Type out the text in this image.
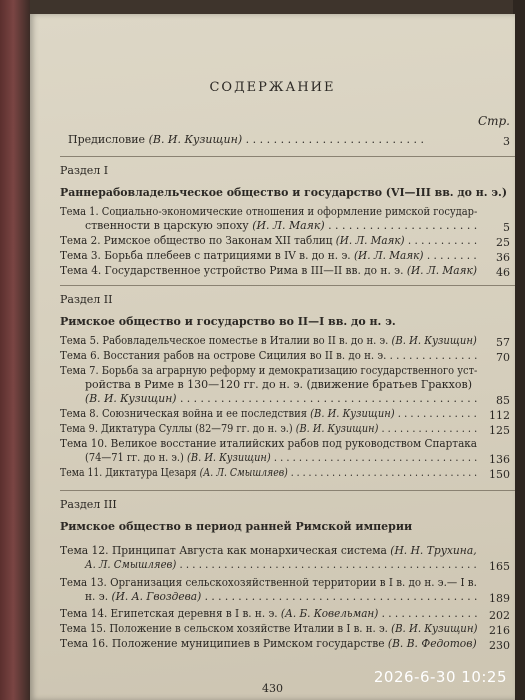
СОДЕРЖАНИЕ
Стр.
Предисловие (В. И. Кузищин) . . . . . . . . . . . . . . . . . . . . . . . . . .	3
Раздел I
Раннерабовладельческое общество и государство (VI—III вв. до н. э.)
Тема 1. Социально-экономические отношения и оформление римской государ-
ственности в царскую эпоху (И. Л. Маяк) . . . . . . . . . . . . . . . . . . . . . .	5
Тема 2. Римское общество по Законам XII таблиц (И. Л. Маяк) . . . . . . . . . . .	25
Тема 3. Борьба плебеев с патрициями в IV в. до н. э. (И. Л. Маяк) . . . . . . . .	36
Тема 4. Государственное устройство Рима в III—II вв. до н. э. (И. Л. Маяк)	46
Раздел II
Римское общество и государство во II—I вв. до н. э.
Тема 5. Рабовладельческое поместье в Италии во II в. до н. э. (В. И. Кузищин)	57
Тема 6. Восстания рабов на острове Сицилия во II в. до н. э. . . . . . . . . . . . . . .	70
Тема 7. Борьба за аграрную реформу и демократизацию государственного уст-
ройства в Риме в 130—120 гг. до н. э. (движение братьев Гракхов)
(В. И. Кузищин) . . . . . . . . . . . . . . . . . . . . . . . . . . . . . . . . . . . . . . . . . . . .	85
Тема 8. Союзническая война и ее последствия (В. И. Кузищин) . . . . . . . . . . . . .	112
Тема 9. Диктатура Суллы (82—79 гг. до н. э.) (В. И. Кузищин) . . . . . . . . . . . . . . . .	125
Тема 10. Великое восстание италийских рабов под руководством Спартака
(74—71 гг. до н. э.) (В. И. Кузищин) . . . . . . . . . . . . . . . . . . . . . . . . . . . . . . . . .	136
Тема 11. Диктатура Цезаря (А. Л. Смышляев) . . . . . . . . . . . . . . . . . . . . . . . . . . . . . . . .	150
Раздел III
Римское общество в период ранней Римской империи
Тема 12. Принципат Августа как монархическая система (Н. Н. Трухина,
А. Л. Смышляев) . . . . . . . . . . . . . . . . . . . . . . . . . . . . . . . . . . . . . . . . . . . . . . .	165
Тема 13. Организация сельскохозяйственной территории в I в. до н. э.— I в.
н. э. (И. А. Гвоздева) . . . . . . . . . . . . . . . . . . . . . . . . . . . . . . . . . . . . . . . . .	189
Тема 14. Египетская деревня в I в. н. э. (А. Б. Ковельман) . . . . . . . . . . . . . . .	202
Тема 15. Положение в сельском хозяйстве Италии в I в. н. э. (В. И. Кузищин)	216
Тема 16. Положение муниципиев в Римском государстве (В. В. Федотов)	230
430
2026-6-30 10:25
